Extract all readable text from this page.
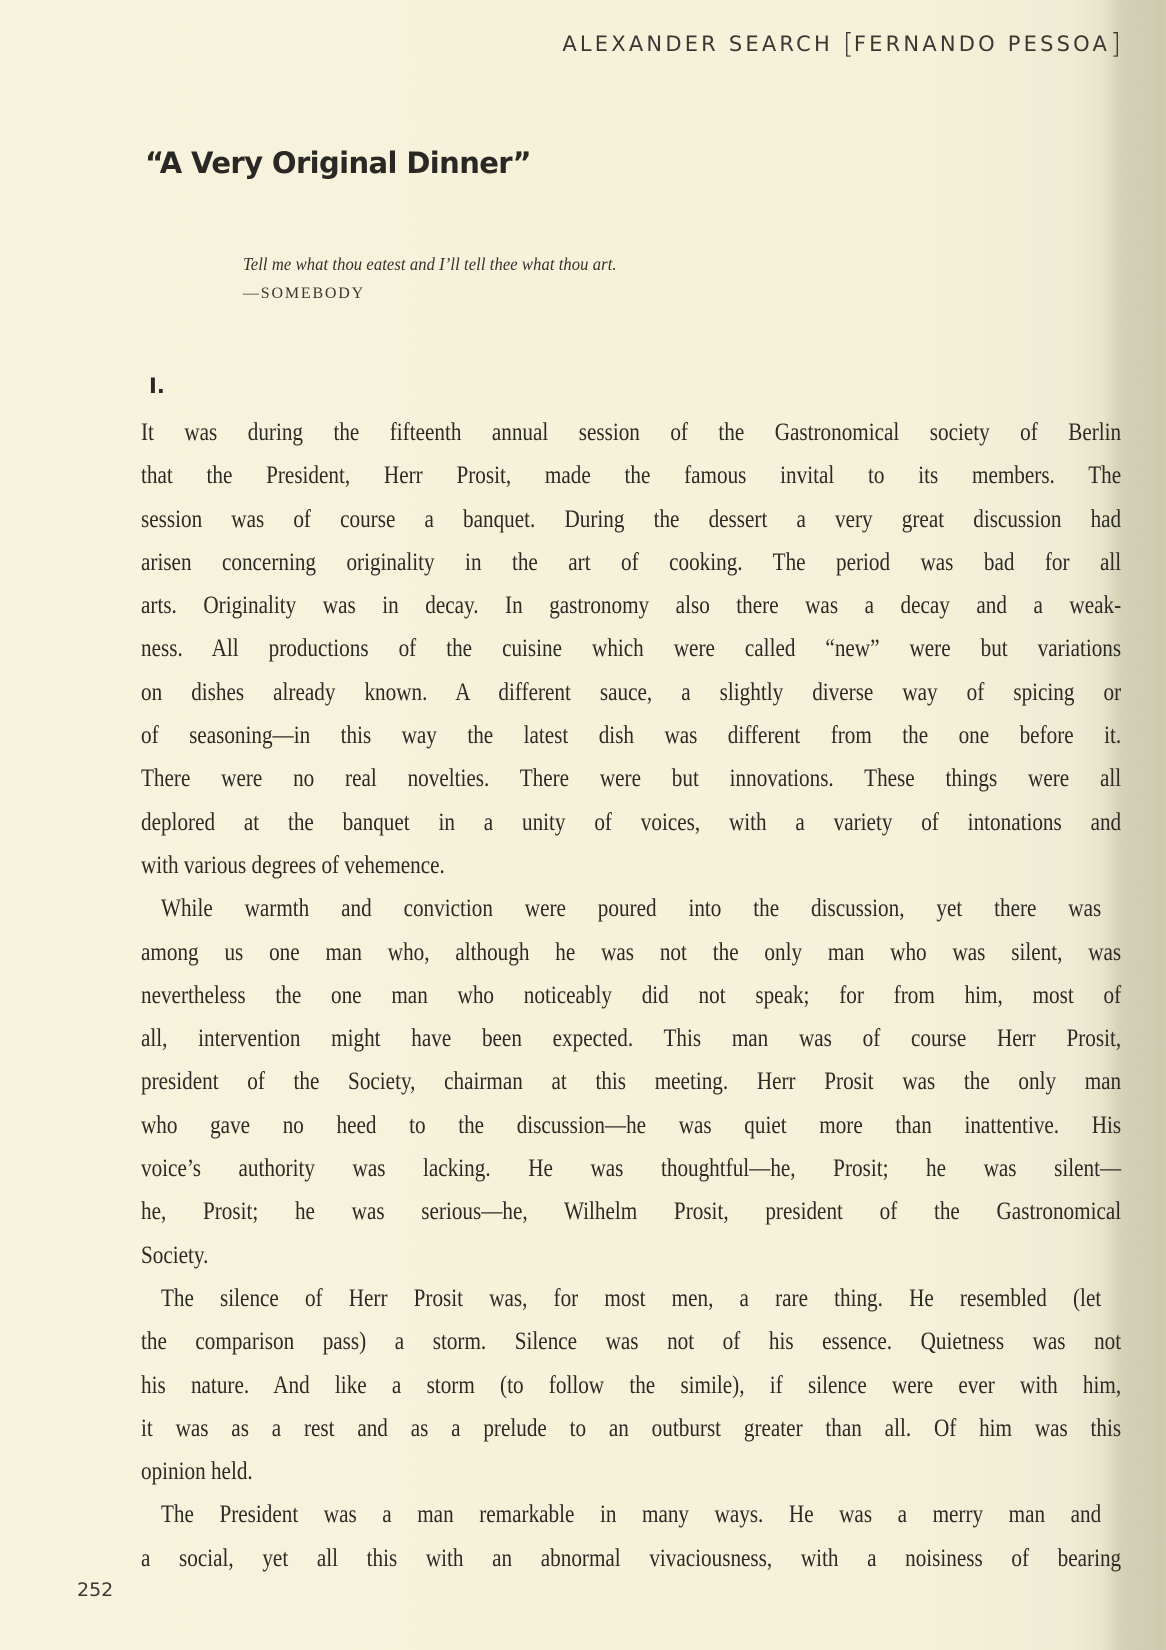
ALEXANDER SEARCH [FERNANDO PESSOA]
“A Very Original Dinner”
Tell me what thou eatest and I’ll tell thee what thou art.
—SOMEBODY
I.
It was during the fifteenth annual session of the Gastronomical society of Berlin
that the President, Herr Prosit, made the famous invital to its members. The
session was of course a banquet. During the dessert a very great discussion had
arisen concerning originality in the art of cooking. The period was bad for all
arts. Originality was in decay. In gastronomy also there was a decay and a weak-
ness. All productions of the cuisine which were called “new” were but variations
on dishes already known. A different sauce, a slightly diverse way of spicing or
of seasoning—in this way the latest dish was different from the one before it.
There were no real novelties. There were but innovations. These things were all
deplored at the banquet in a unity of voices, with a variety of intonations and
with various degrees of vehemence.
While warmth and conviction were poured into the discussion, yet there was
among us one man who, although he was not the only man who was silent, was
nevertheless the one man who noticeably did not speak; for from him, most of
all, intervention might have been expected. This man was of course Herr Prosit,
president of the Society, chairman at this meeting. Herr Prosit was the only man
who gave no heed to the discussion—he was quiet more than inattentive. His
voice’s authority was lacking. He was thoughtful—he, Prosit; he was silent—
he, Prosit; he was serious—he, Wilhelm Prosit, president of the Gastronomical
Society.
The silence of Herr Prosit was, for most men, a rare thing. He resembled (let
the comparison pass) a storm. Silence was not of his essence. Quietness was not
his nature. And like a storm (to follow the simile), if silence were ever with him,
it was as a rest and as a prelude to an outburst greater than all. Of him was this
opinion held.
The President was a man remarkable in many ways. He was a merry man and
a social, yet all this with an abnormal vivaciousness, with a noisiness of bearing
252
